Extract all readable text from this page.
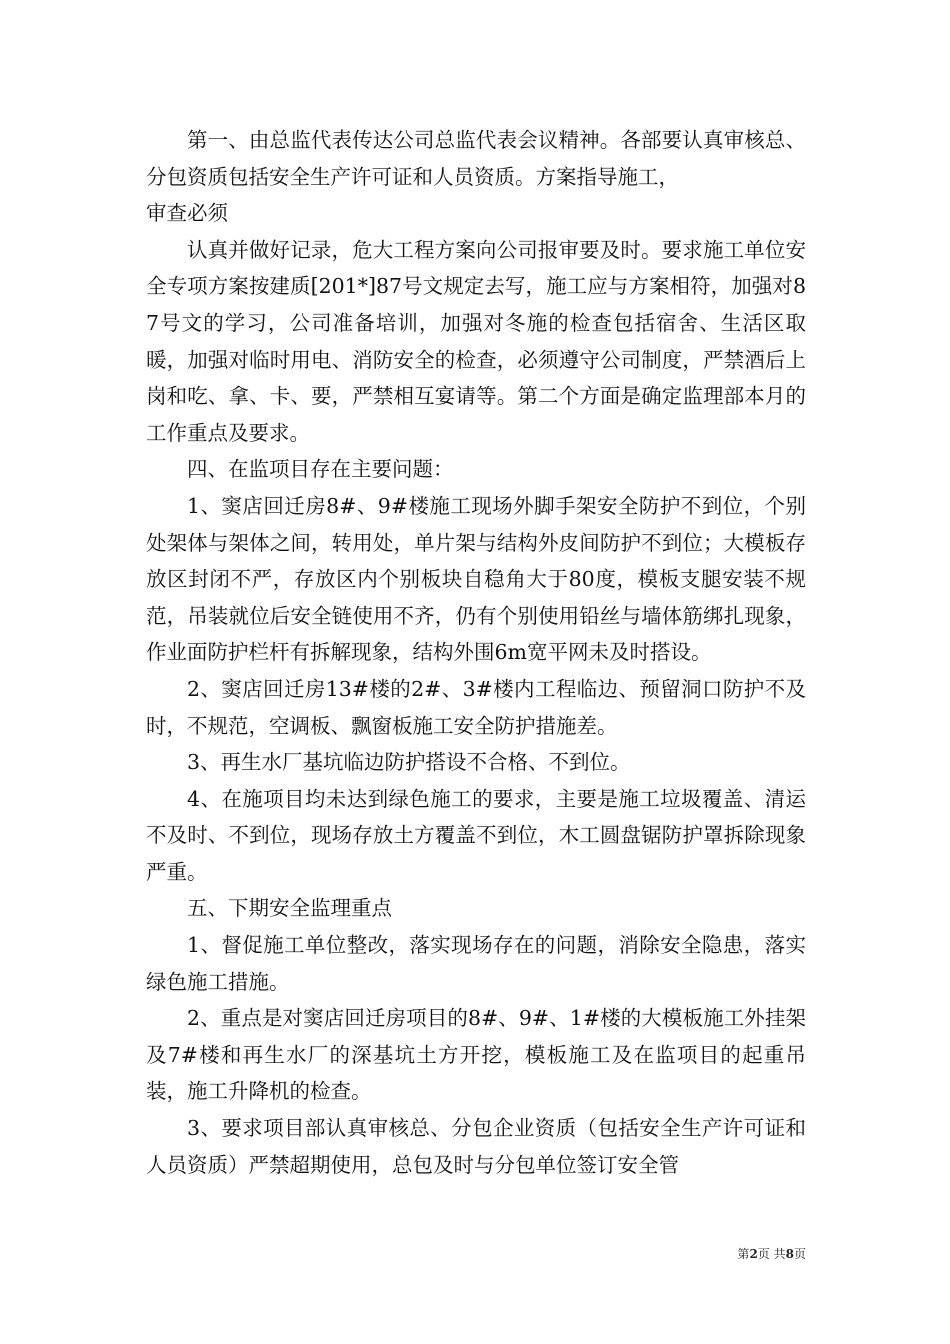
第一、由总监代表传达公司总监代表会议精神。各部要认真审核总、分包资质包括安全生产许可证和人员资质。方案指导施工，

审查必须

认真并做好记录，危大工程方案向公司报审要及时。要求施工单位安全专项方案按建质[201*]87号文规定去写，施工应与方案相符，加强对87号文的学习，公司准备培训，加强对冬施的检查包括宿舍、生活区取暖，加强对临时用电、消防安全的检查，必须遵守公司制度，严禁酒后上岗和吃、拿、卡、要，严禁相互宴请等。第二个方面是确定监理部本月的工作重点及要求。

四、在监项目存在主要问题：

1、窦店回迁房8#、9#楼施工现场外脚手架安全防护不到位，个别处架体与架体之间，转用处，单片架与结构外皮间防护不到位；大模板存放区封闭不严，存放区内个别板块自稳角大于80度，模板支腿安装不规范，吊装就位后安全链使用不齐，仍有个别使用铅丝与墙体筋绑扎现象，作业面防护栏杆有拆解现象，结构外围6m宽平网未及时搭设。

2、窦店回迁房13#楼的2#、3#楼内工程临边、预留洞口防护不及时，不规范，空调板、飘窗板施工安全防护措施差。

3、再生水厂基坑临边防护搭设不合格、不到位。

4、在施项目均未达到绿色施工的要求，主要是施工垃圾覆盖、清运不及时、不到位，现场存放土方覆盖不到位，木工圆盘锯防护罩拆除现象严重。

五、下期安全监理重点

1、督促施工单位整改，落实现场存在的问题，消除安全隐患，落实绿色施工措施。

2、重点是对窦店回迁房项目的8#、9#、1#楼的大模板施工外挂架及7#楼和再生水厂的深基坑土方开挖，模板施工及在监项目的起重吊装，施工升降机的检查。

3、要求项目部认真审核总、分包企业资质（包括安全生产许可证和人员资质）严禁超期使用，总包及时与分包单位签订安全管

第2页 共8页
